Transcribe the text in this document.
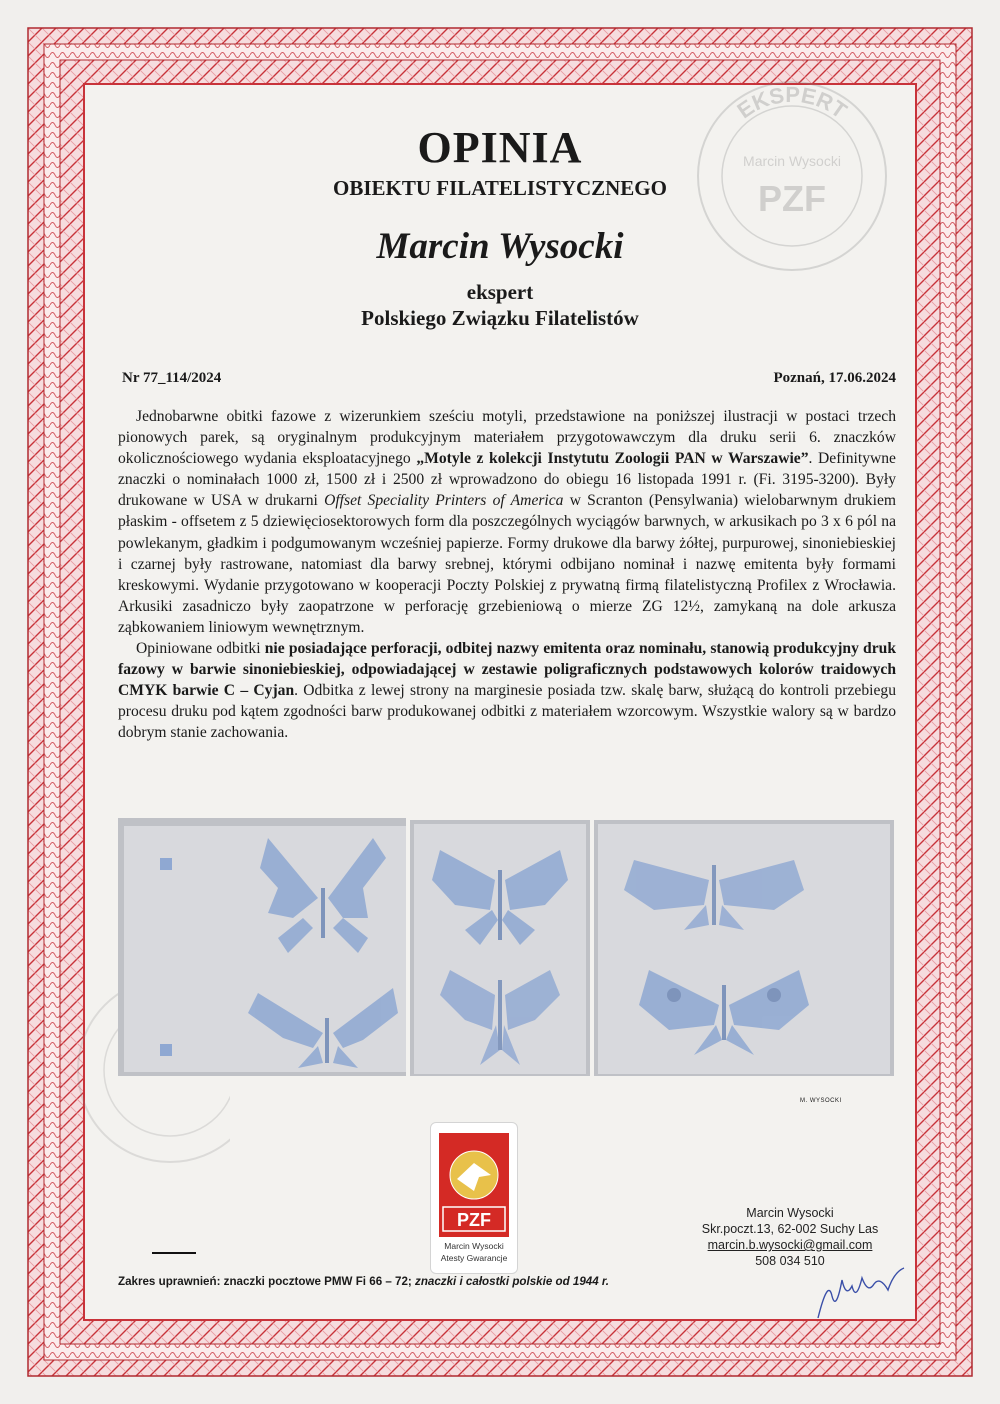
EKSPERT
Marcin Wysocki
PZF
OPINIA
OBIEKTU FILATELISTYCZNEGO
Marcin Wysocki
ekspert
Polskiego Związku Filatelistów
Nr 77_114/2024	Poznań, 17.06.2024

Jednobarwne obitki fazowe z wizerunkiem sześciu motyli, przedstawione na poniższej ilustracji w postaci trzech pionowych parek, są oryginalnym produkcyjnym materiałem przygotowawczym dla druku serii 6. znaczków okolicznościowego wydania eksploatacyjnego „Motyle z kolekcji Instytutu Zoologii PAN w Warszawie”. Definitywne znaczki o nominałach 1000 zł, 1500 zł i 2500 zł wprowadzono do obiegu 16 listopada 1991 r. (Fi. 3195-3200). Były drukowane w USA w drukarni Offset Speciality Printers of America w Scranton (Pensylwania) wielobarwnym drukiem płaskim - offsetem z 5 dziewięciosektorowych form dla poszczególnych wyciągów barwnych, w arkusikach po 3 x 6 pól na powlekanym, gładkim i podgumowanym wcześniej papierze. Formy drukowe dla barwy żółtej, purpurowej, sinoniebieskiej i czarnej były rastrowane, natomiast dla barwy srebnej, którymi odbijano nominał i nazwę emitenta były formami kreskowymi. Wydanie przygotowano w kooperacji Poczty Polskiej z prywatną firmą filatelistyczną Profilex z Wrocławia. Arkusiki zasadniczo były zaopatrzone w perforację grzebieniową o mierze ZG 12½, zamykaną na dole arkusza ząbkowaniem liniowym wewnętrznym.

Opiniowane odbitki nie posiadające perforacji, odbitej nazwy emitenta oraz nominału, stanowią produkcyjny druk fazowy w barwie sinoniebieskiej, odpowiadającej w zestawie poligraficznych podstawowych kolorów traidowych CMYK barwie C – Cyjan. Odbitka z lewej strony na marginesie posiada tzw. skalę barw, służącą do kontroli przebiegu procesu druku pod kątem zgodności barw produkowanej odbitki z materiałem wzorcowym. Wszystkie walory są w bardzo dobrym stanie zachowania.

M. WYSOCKI
PZF
Marcin Wysocki
Atesty Gwarancje
Marcin Wysocki
Skr.poczt.13, 62-002 Suchy Las
marcin.b.wysocki@gmail.com
508 034 510
Zakres uprawnień: znaczki pocztowe PMW Fi 66 – 72; znaczki i całostki polskie od 1944 r.
